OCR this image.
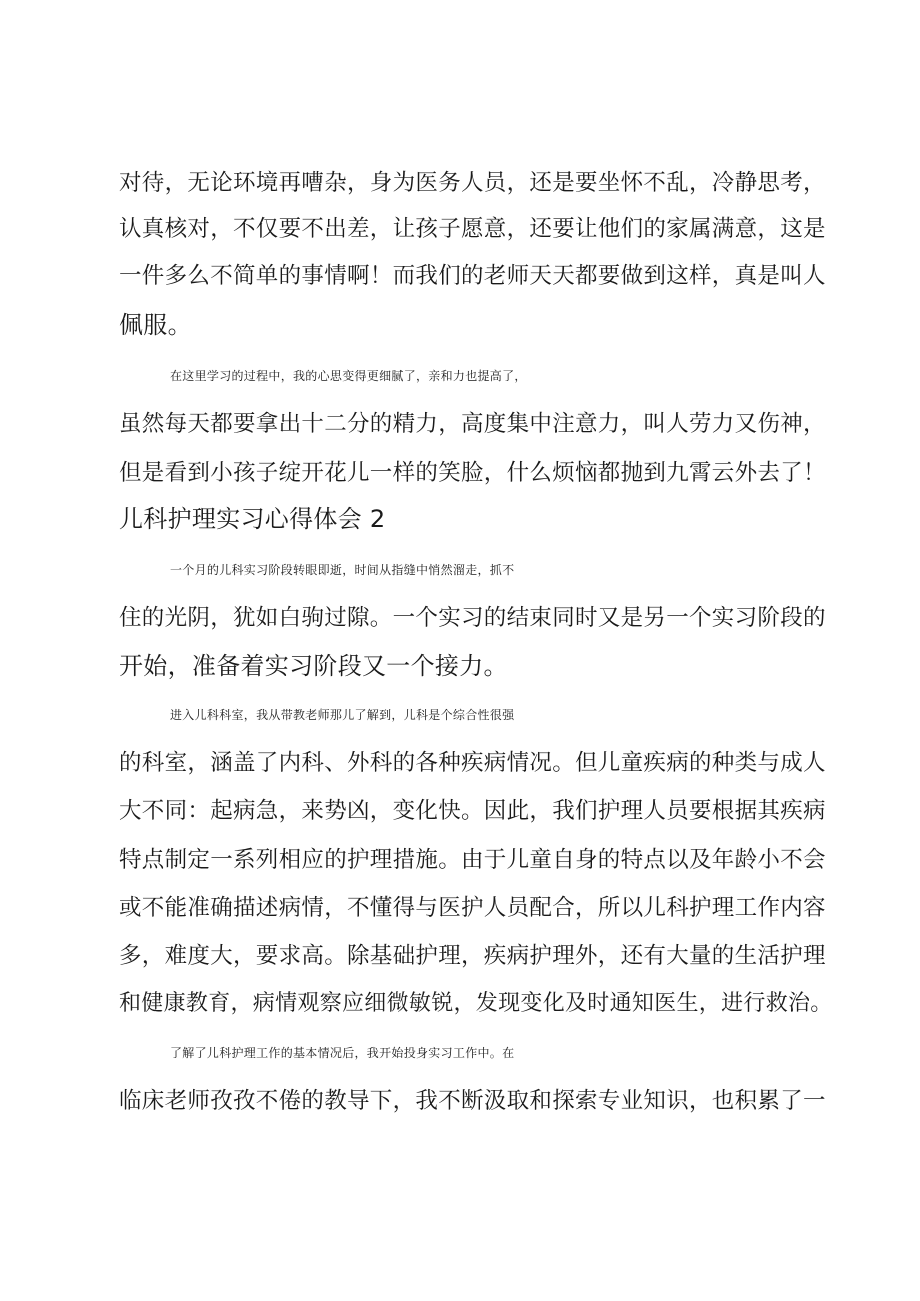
对待，无论环境再嘈杂，身为医务人员，还是要坐怀不乱，冷静思考，
认真核对，不仅要不出差，让孩子愿意，还要让他们的家属满意，这是
一件多么不简单的事情啊！而我们的老师天天都要做到这样，真是叫人
佩服。
在这里学习的过程中，我的心思变得更细腻了，亲和力也提高了，
虽然每天都要拿出十二分的精力，高度集中注意力，叫人劳力又伤神，
但是看到小孩子绽开花儿一样的笑脸，什么烦恼都抛到九霄云外去了！
儿科护理实习心得体会 2
一个月的儿科实习阶段转眼即逝，时间从指缝中悄然溜走，抓不
住的光阴，犹如白驹过隙。一个实习的结束同时又是另一个实习阶段的
开始，准备着实习阶段又一个接力。
进入儿科科室，我从带教老师那儿了解到，儿科是个综合性很强
的科室，涵盖了内科、外科的各种疾病情况。但儿童疾病的种类与成人
大不同：起病急，来势凶，变化快。因此，我们护理人员要根据其疾病
特点制定一系列相应的护理措施。由于儿童自身的特点以及年龄小不会
或不能准确描述病情，不懂得与医护人员配合，所以儿科护理工作内容
多，难度大，要求高。除基础护理，疾病护理外，还有大量的生活护理
和健康教育，病情观察应细微敏锐，发现变化及时通知医生，进行救治。
了解了儿科护理工作的基本情况后，我开始投身实习工作中。在
临床老师孜孜不倦的教导下，我不断汲取和探索专业知识，也积累了一
